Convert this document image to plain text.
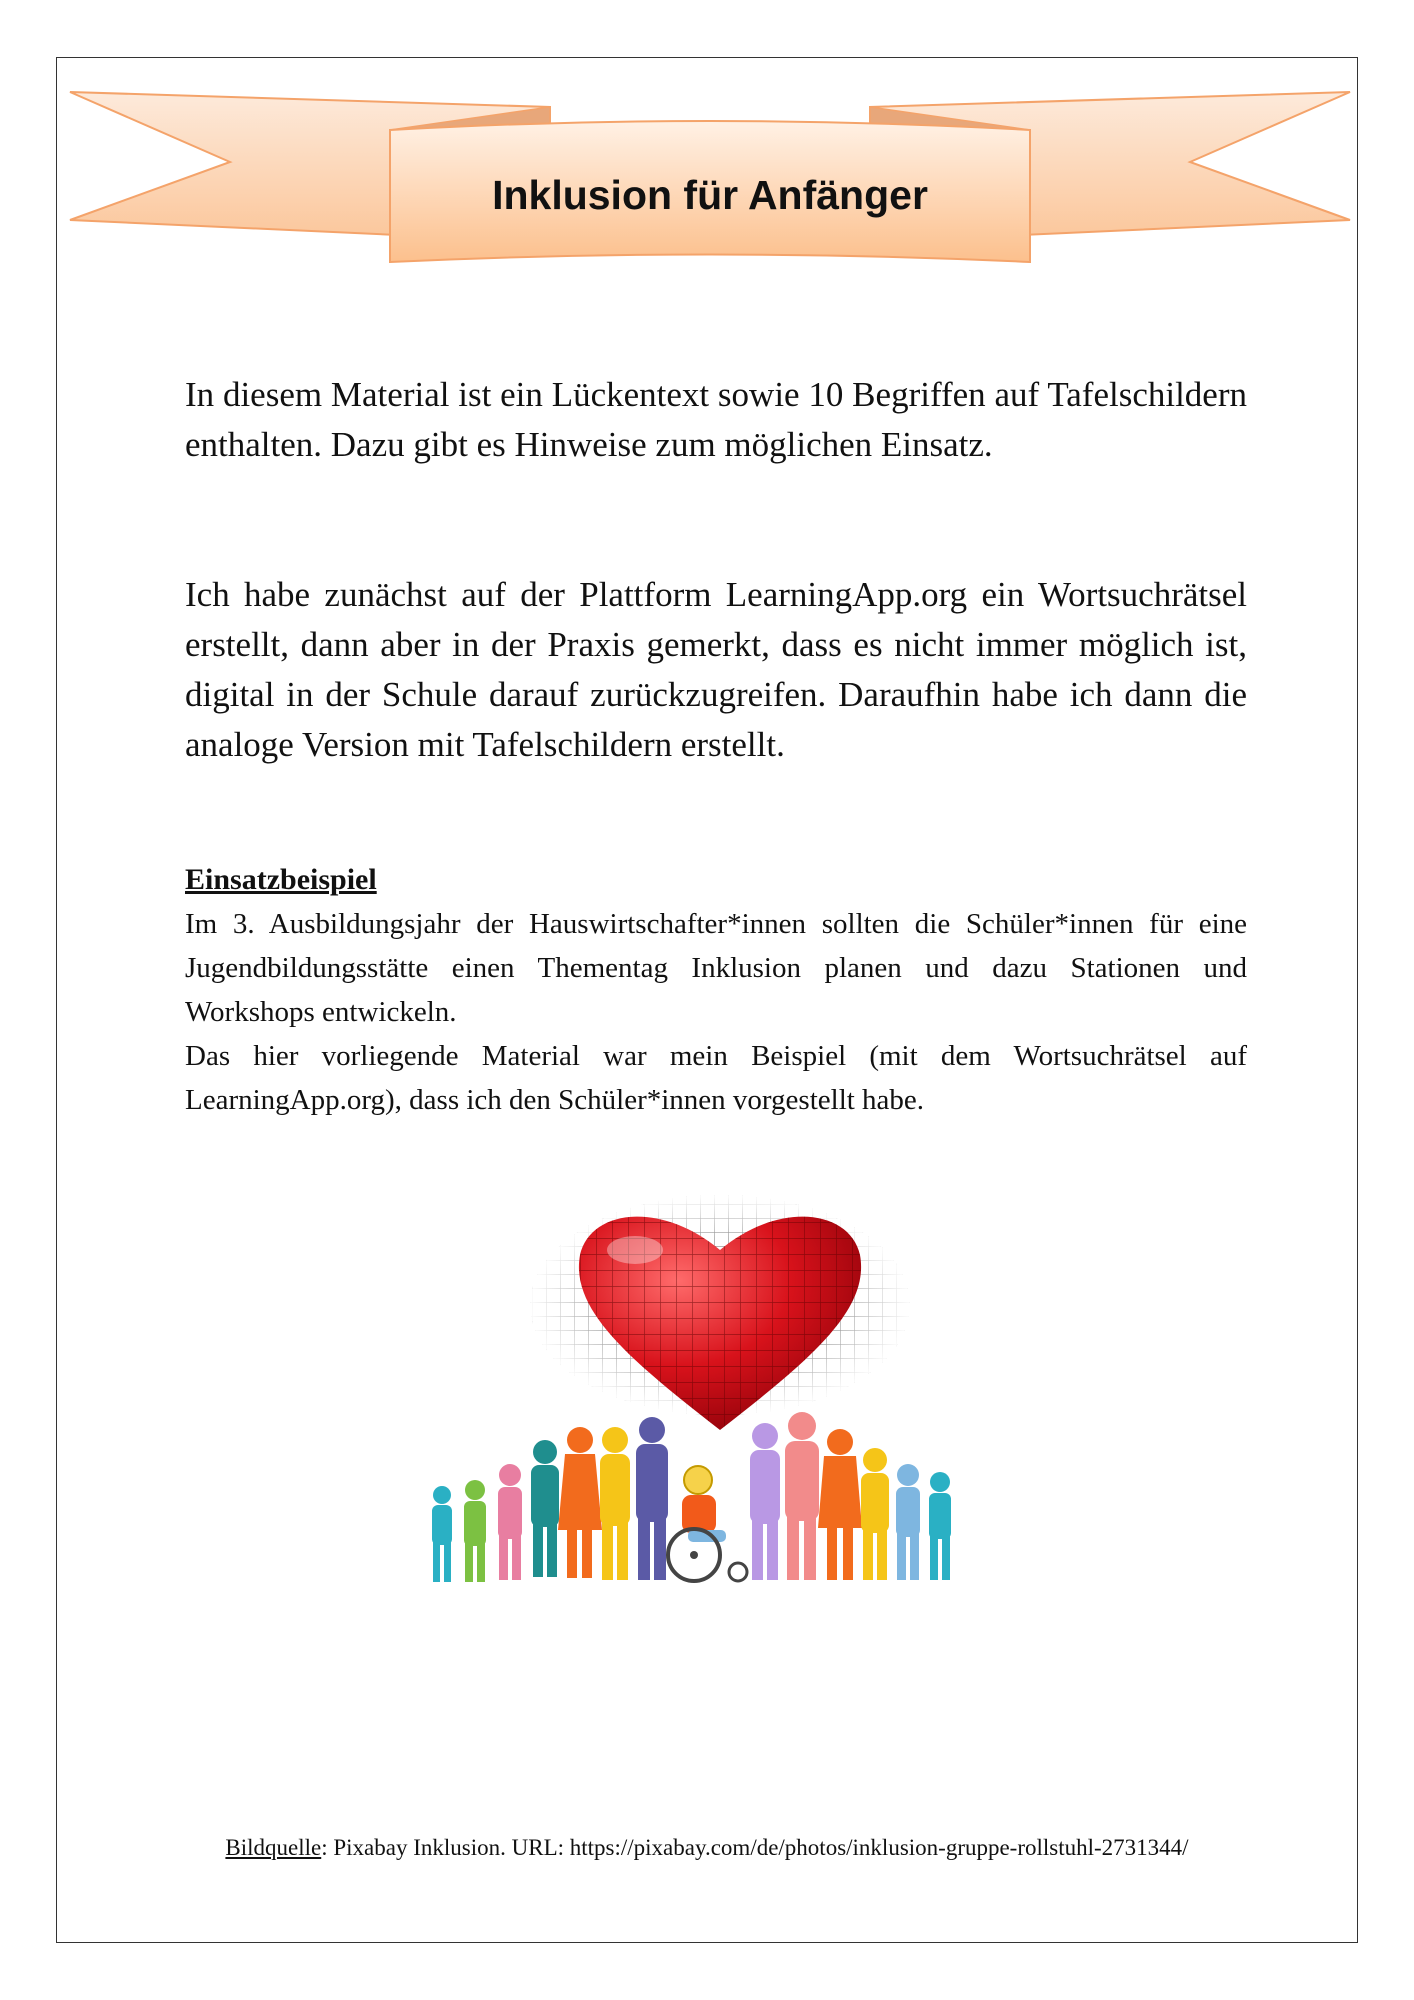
Inklusion für Anfänger

In diesem Material ist ein Lückentext sowie 10 Begriffen auf Tafelschildern enthalten. Dazu gibt es Hinweise zum möglichen Einsatz.

Ich habe zunächst auf der Plattform LearningApp.org ein Wortsuchrätsel erstellt, dann aber in der Praxis gemerkt, dass es nicht immer möglich ist, digital in der Schule darauf zurückzugreifen. Daraufhin habe ich dann die analoge Version mit Tafelschildern erstellt.

Einsatzbeispiel

Im 3. Ausbildungsjahr der Hauswirtschafter*innen sollten die Schüler*innen für eine Jugendbildungsstätte einen Thementag Inklusion planen und dazu Stationen und Workshops entwickeln.

Das hier vorliegende Material war mein Beispiel (mit dem Wortsuchrätsel auf LearningApp.org), dass ich den Schüler*innen vorgestellt habe.

Bildquelle: Pixabay Inklusion. URL: https://pixabay.com/de/photos/inklusion-gruppe-rollstuhl-2731344/
